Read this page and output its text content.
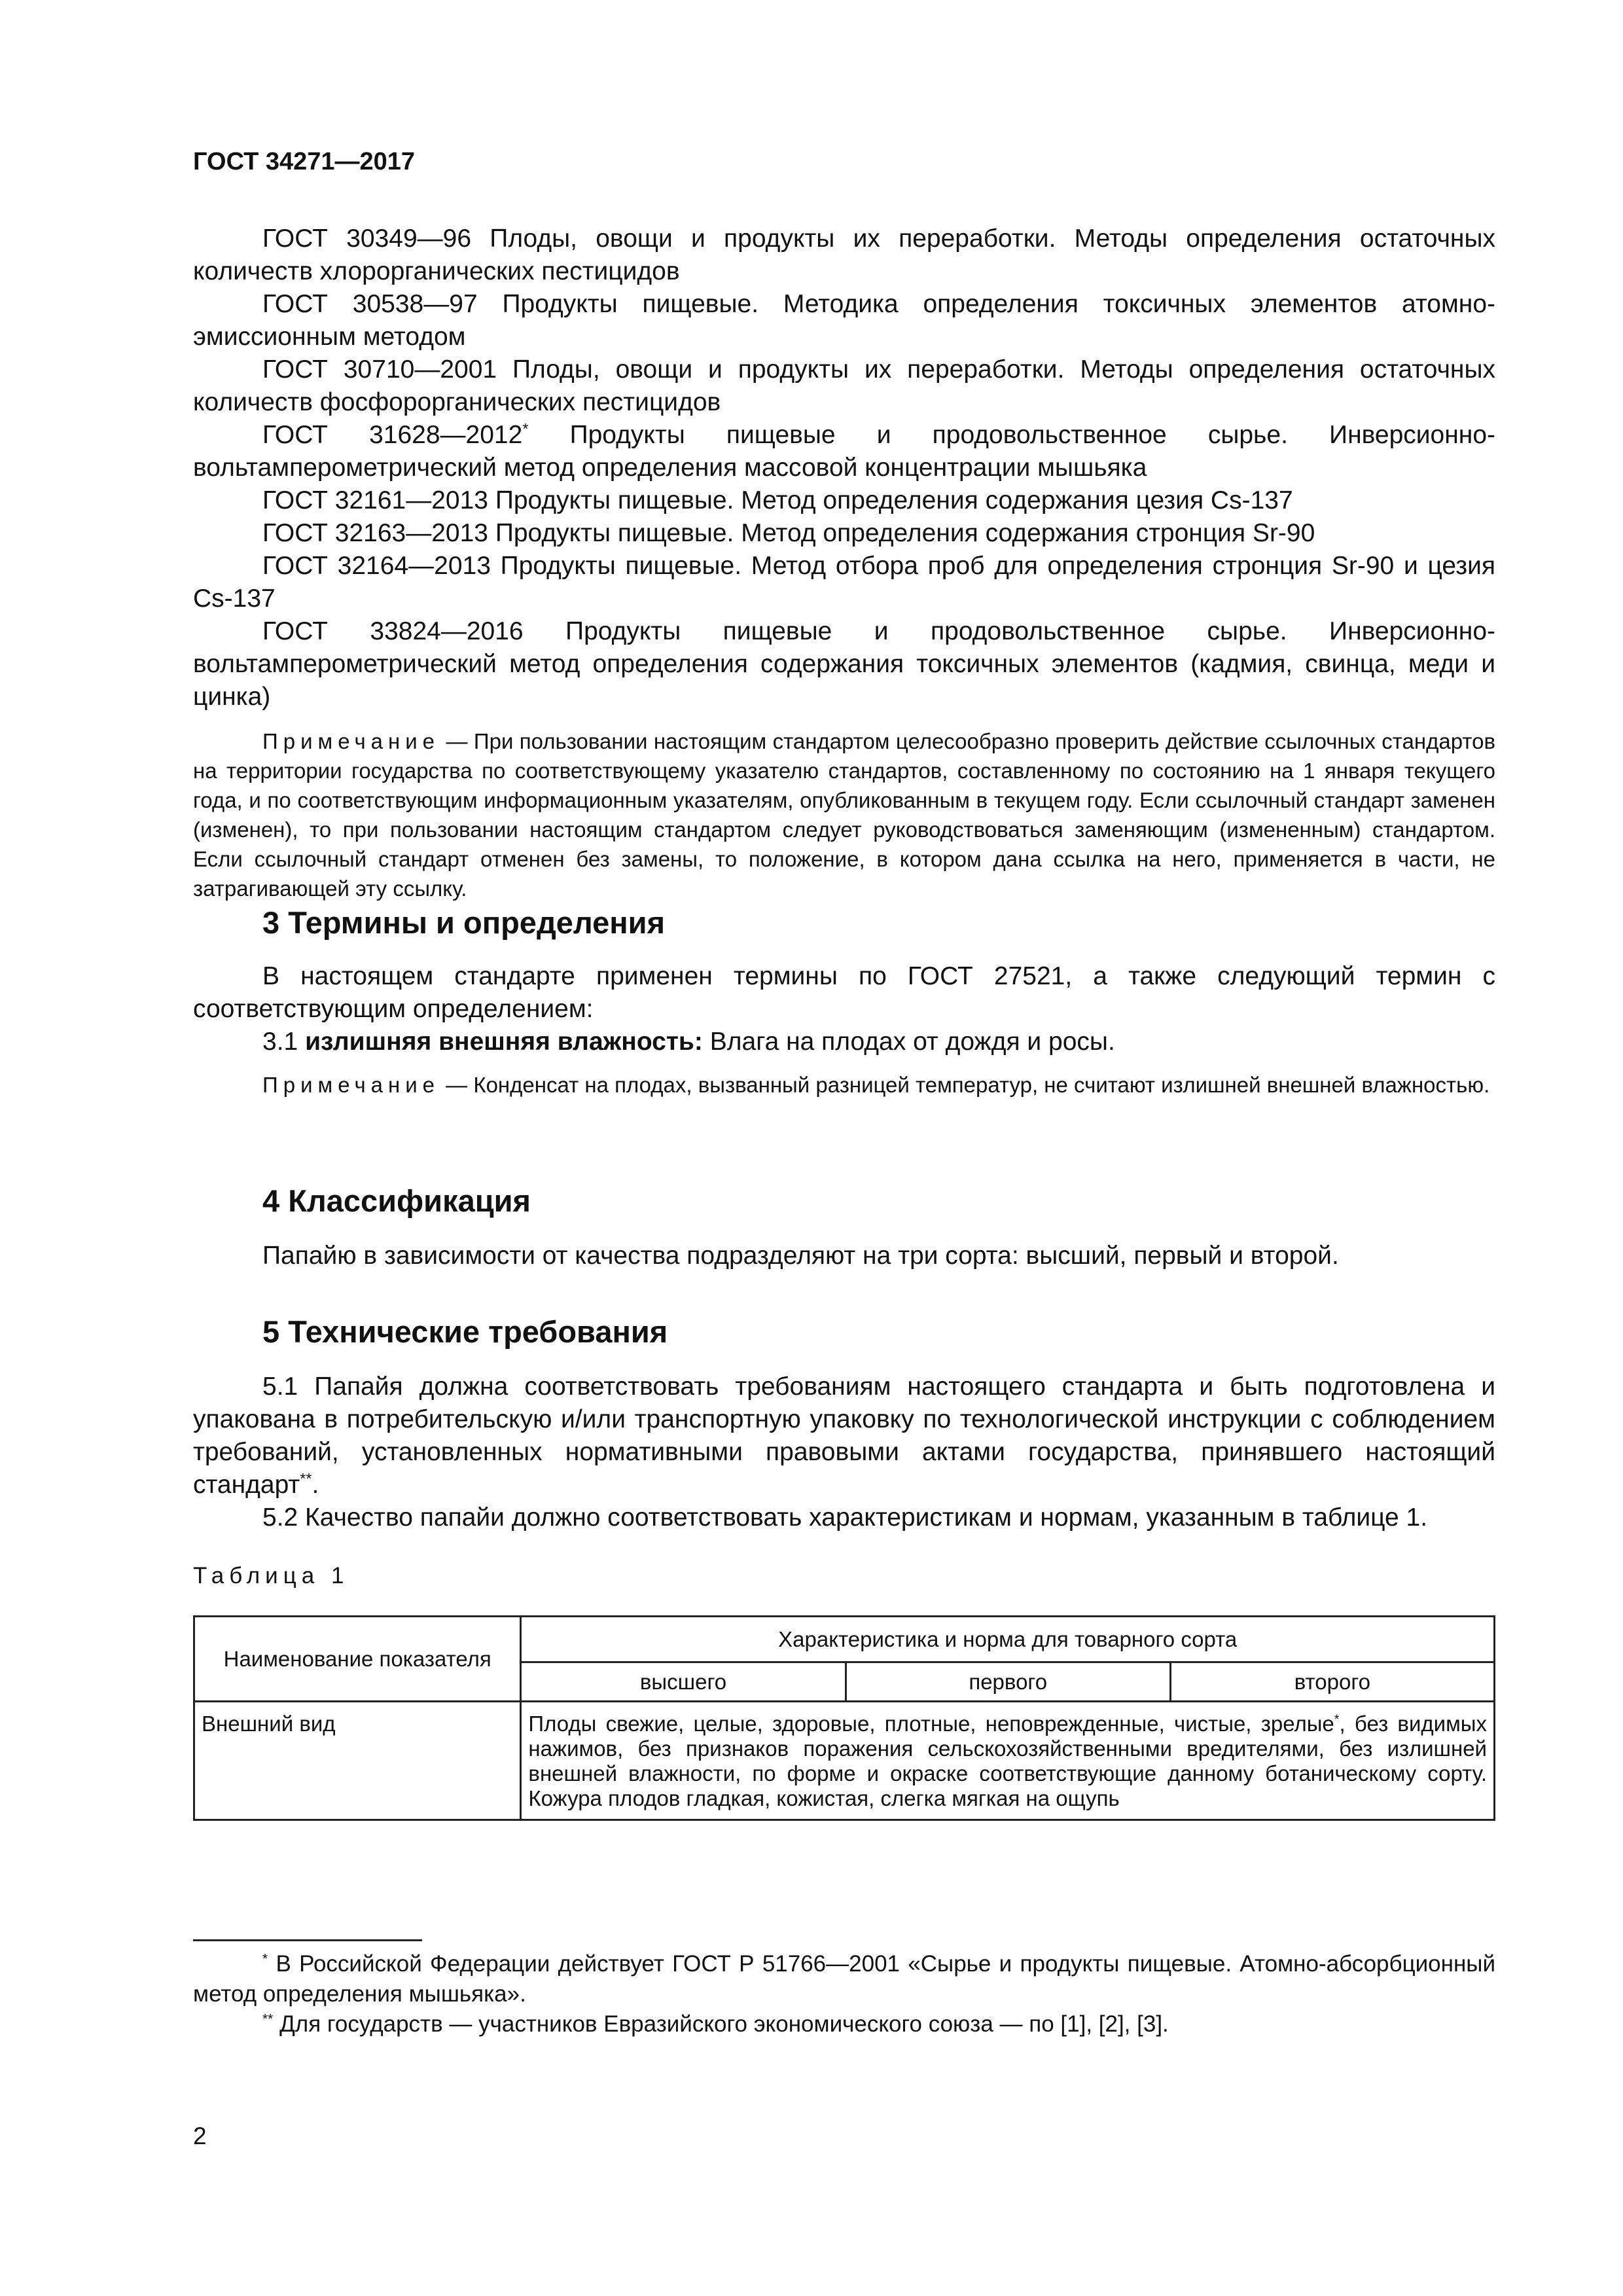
ГОСТ 34271—2017

ГОСТ 30349—96 Плоды, овощи и продукты их переработки. Методы определения остаточных количеств хлорорганических пестицидов

ГОСТ 30538—97 Продукты пищевые. Методика определения токсичных элементов атомно-эмиссионным методом

ГОСТ 30710—2001 Плоды, овощи и продукты их переработки. Методы определения остаточных количеств фосфорорганических пестицидов

ГОСТ 31628—2012* Продукты пищевые и продовольственное сырье. Инверсионно-вольтамперометрический метод определения массовой концентрации мышьяка

ГОСТ 32161—2013 Продукты пищевые. Метод определения содержания цезия Cs-137

ГОСТ 32163—2013 Продукты пищевые. Метод определения содержания стронция Sr-90

ГОСТ 32164—2013 Продукты пищевые. Метод отбора проб для определения стронция Sr-90 и цезия Cs-137

ГОСТ 33824—2016 Продукты пищевые и продовольственное сырье. Инверсионно-вольтамперометрический метод определения содержания токсичных элементов (кадмия, свинца, меди и цинка)

Примечание — При пользовании настоящим стандартом целесообразно проверить действие ссылочных стандартов на территории государства по соответствующему указателю стандартов, составленному по состоянию на 1 января текущего года, и по соответствующим информационным указателям, опубликованным в текущем году. Если ссылочный стандарт заменен (изменен), то при пользовании настоящим стандартом следует руководствоваться заменяющим (измененным) стандартом. Если ссылочный стандарт отменен без замены, то положение, в котором дана ссылка на него, применяется в части, не затрагивающей эту ссылку.

3 Термины и определения

В настоящем стандарте применен термины по ГОСТ 27521, а также следующий термин с соответствующим определением:

3.1 излишняя внешняя влажность: Влага на плодах от дождя и росы.

Примечание — Конденсат на плодах, вызванный разницей температур, не считают излишней внешней влажностью.

4 Классификация

Папайю в зависимости от качества подразделяют на три сорта: высший, первый и второй.

5 Технические требования

5.1 Папайя должна соответствовать требованиям настоящего стандарта и быть подготовлена и упакована в потребительскую и/или транспортную упаковку по технологической инструкции с соблюдением требований, установленных нормативными правовыми актами государства, принявшего настоящий стандарт**.

5.2 Качество папайи должно соответствовать характеристикам и нормам, указанным в таблице 1.

Таблица 1
Наименование показателя	Характеристика и норма для товарного сорта		
	высшего	первого	второго
Внешний вид	Плоды свежие, целые, здоровые, плотные, неповрежденные, чистые, зрелые*, без видимых нажимов, без признаков поражения сельскохозяйственными вредителями, без излишней внешней влажности, по форме и окраске соответствующие данному ботаническому сорту. Кожура плодов гладкая, кожистая, слегка мягкая на ощупь		

* В Российской Федерации действует ГОСТ Р 51766—2001 «Сырье и продукты пищевые. Атомно-абсорбционный метод определения мышьяка».

** Для государств — участников Евразийского экономического союза — по [1], [2], [3].

2
